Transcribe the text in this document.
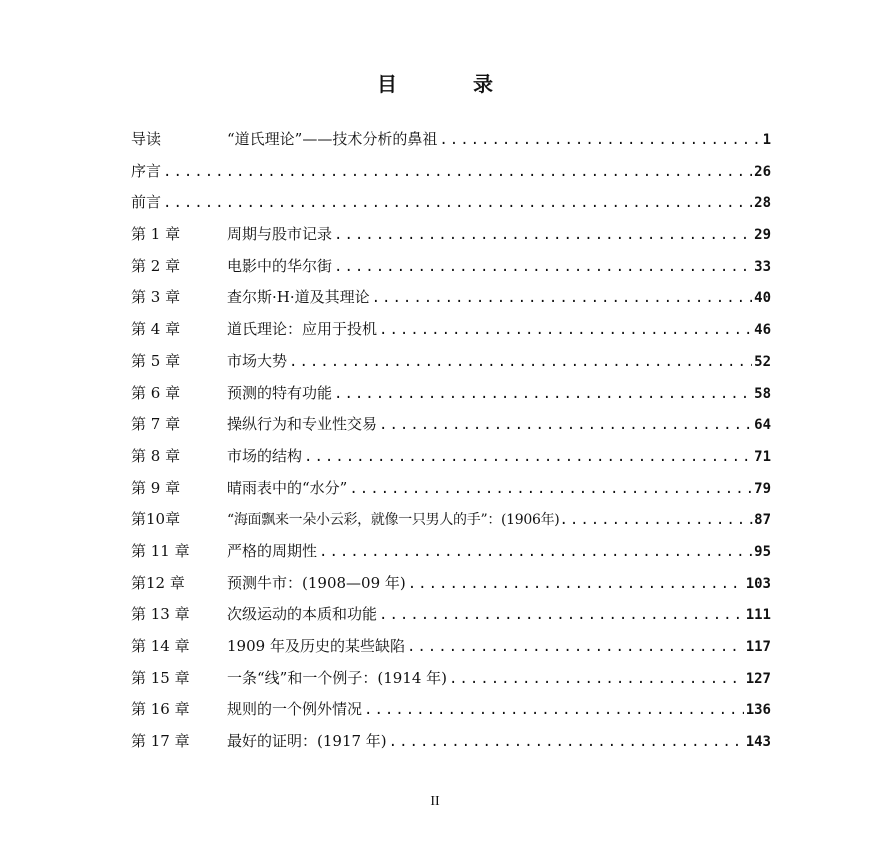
目　录
导读	“道氏理论”——技术分析的鼻祖 .....	1
序言 .....	26
前言 .....	28
第 1 章	周期与股市记录 .....	29
第 2 章	电影中的华尔街 .....	33
第 3 章	查尔斯·H·道及其理论 .....	40
第 4 章	道氏理论：应用于投机 .....	46
第 5 章	市场大势 .....	52
第 6 章	预测的特有功能 .....	58
第 7 章	操纵行为和专业性交易 .....	64
第 8 章	市场的结构 .....	71
第 9 章	晴雨表中的“水分” .....	79
第10章	“海面飘来一朵小云彩，就像一只男人的手”：(1906年) .....	87
第 11 章	严格的周期性 .....	95
第12 章	预测牛市：(1908—09 年) .....	103
第 13 章	次级运动的本质和功能 .....	111
第 14 章	1909 年及历史的某些缺陷 .....	117
第 15 章	一条“线”和一个例子：(1914 年) .....	127
第 16 章	规则的一个例外情况 .....	136
第 17 章	最好的证明：(1917 年) .....	143
II
